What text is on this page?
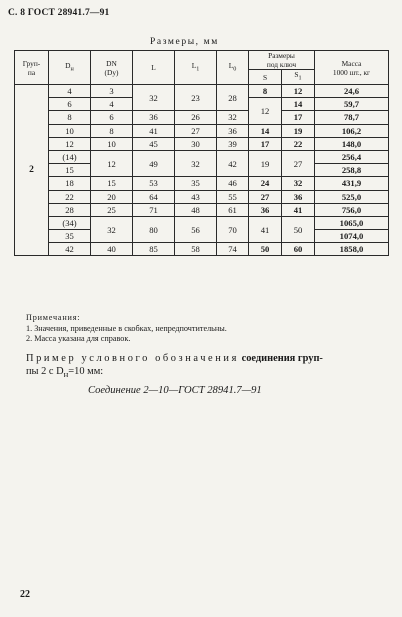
С. 8 ГОСТ 28941.7—91
Размеры, мм
Груп-
па	$D_н$	DN
(Dу)	L	$L_1$	$L_0$	Размеры
под ключ		Масса
1000 шт., кг
						S	$S_1$
2	4	3	32	23	28	8	12	24,6
	6	4				12	14	59,7
	8	6	36	26	32		17	78,7
	10	8	41	27	36	14	19	106,2
	12	10	45	30	39	17	22	148,0
	(14)	12	49	32	42	19	27	256,4
	15							258,8
	18	15	53	35	46	24	32	431,9
	22	20	64	43	55	27	36	525,0
	28	25	71	48	61	36	41	756,0
	(34)	32	80	56	70	41	50	1065,0
	35							1074,0
	42	40	85	58	74	50	60	1858,0
Примечания:
1. Значения, приведенные в скобках, непредпочтительны.
2. Масса указана для справок.
Пример условного обозначения соединения груп-
пы 2 с $D_н=10$ мм:
Соединение 2—10—ГОСТ 28941.7—91
22
